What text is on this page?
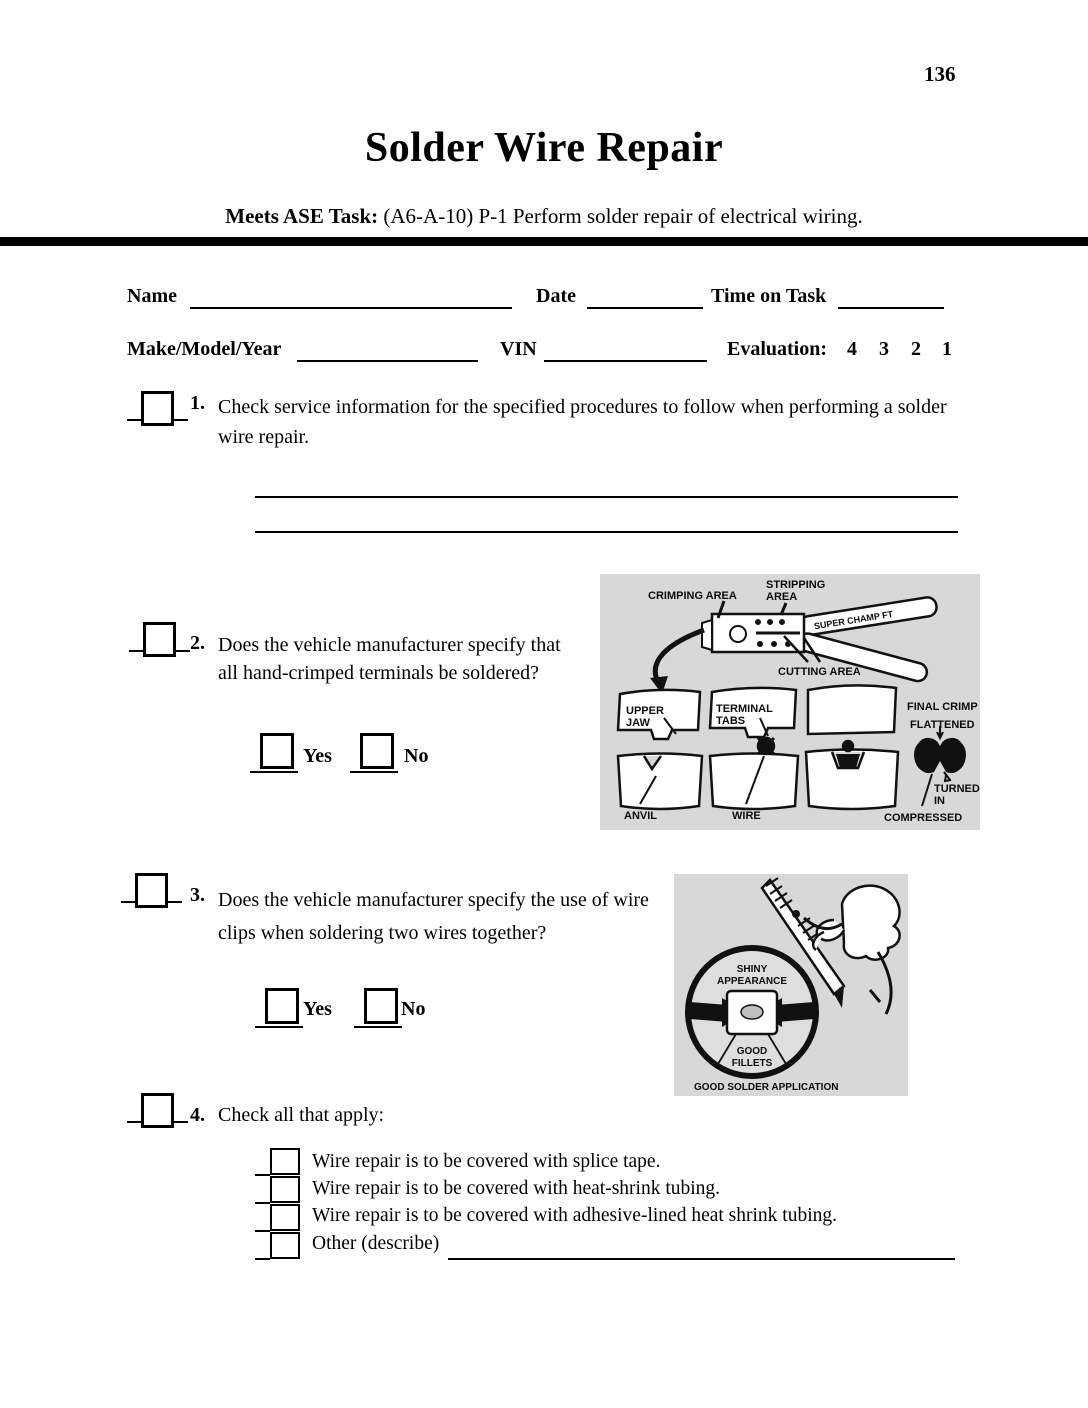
136
Solder Wire Repair
Meets ASE Task: (A6-A-10) P-1 Perform solder repair of electrical wiring.
Name	Date	Time on Task
Make/Model/Year	VIN	Evaluation: 4 3 2 1
1. Check service information for the specified procedures to follow when performing a solder wire repair.
SUPER CHAMP FT
CRIMPING AREA
STRIPPING
AREA
CUTTING AREA
UPPER
JAW
TERMINAL
TABS
FINAL CRIMP
FLATTENED
ANVIL	WIRE
TURNED
IN
COMPRESSED
2. Does the vehicle manufacturer specify that all hand-crimped terminals be soldered?
Yes	No
3. Does the vehicle manufacturer specify the use of wire clips when soldering two wires together?
Yes	No
SHINY
APPEARANCE
GOOD
FILLETS
GOOD SOLDER APPLICATION
4. Check all that apply:
Wire repair is to be covered with splice tape.
Wire repair is to be covered with heat-shrink tubing.
Wire repair is to be covered with adhesive-lined heat shrink tubing.
Other (describe)
